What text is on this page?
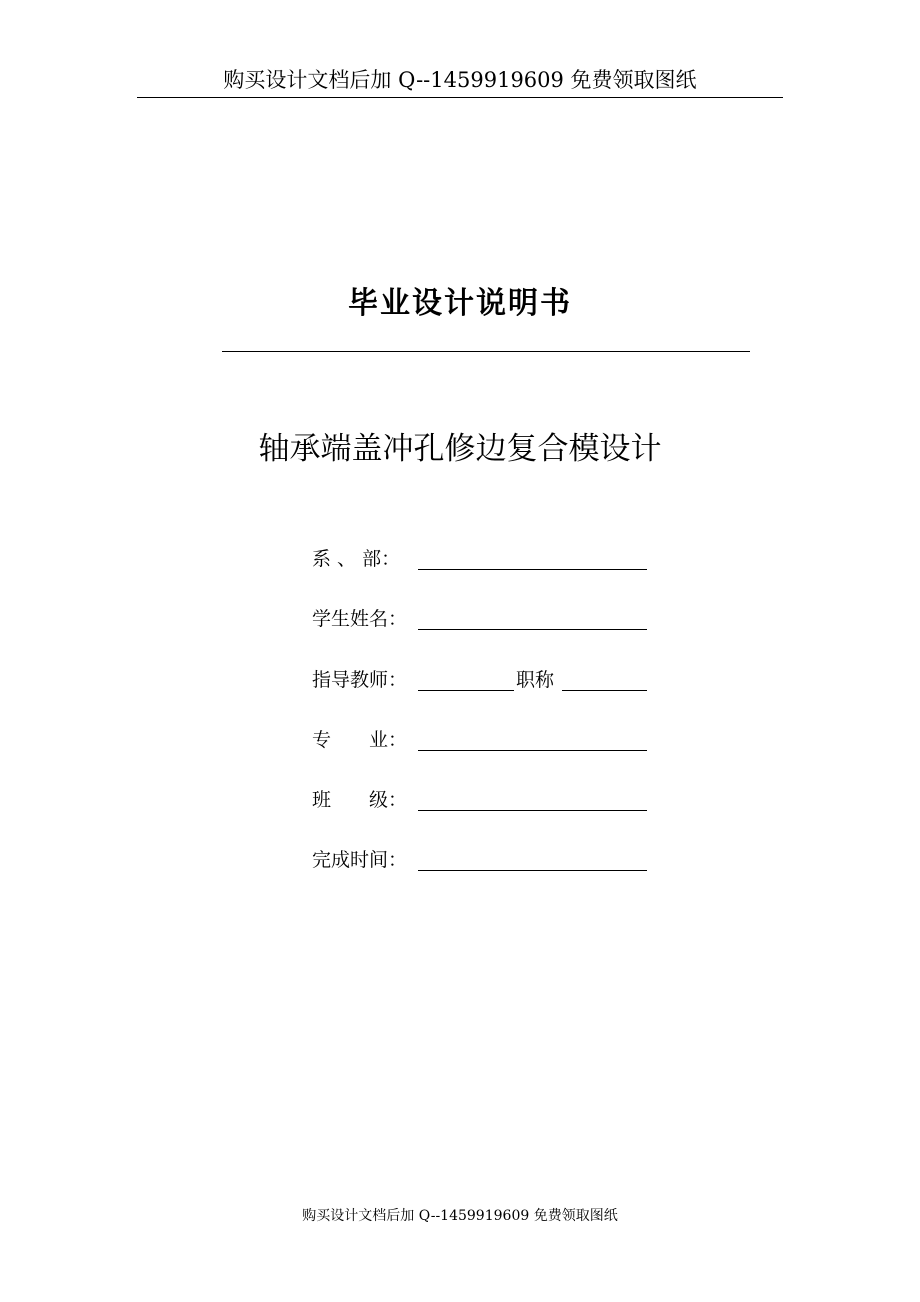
购买设计文档后加 Q--1459919609 免费领取图纸
毕业设计说明书
轴承端盖冲孔修边复合模设计
系 、 部：
学生姓名：
指导教师：	职称
专　　业：
班　　级：
完成时间：
购买设计文档后加 Q--1459919609 免费领取图纸
